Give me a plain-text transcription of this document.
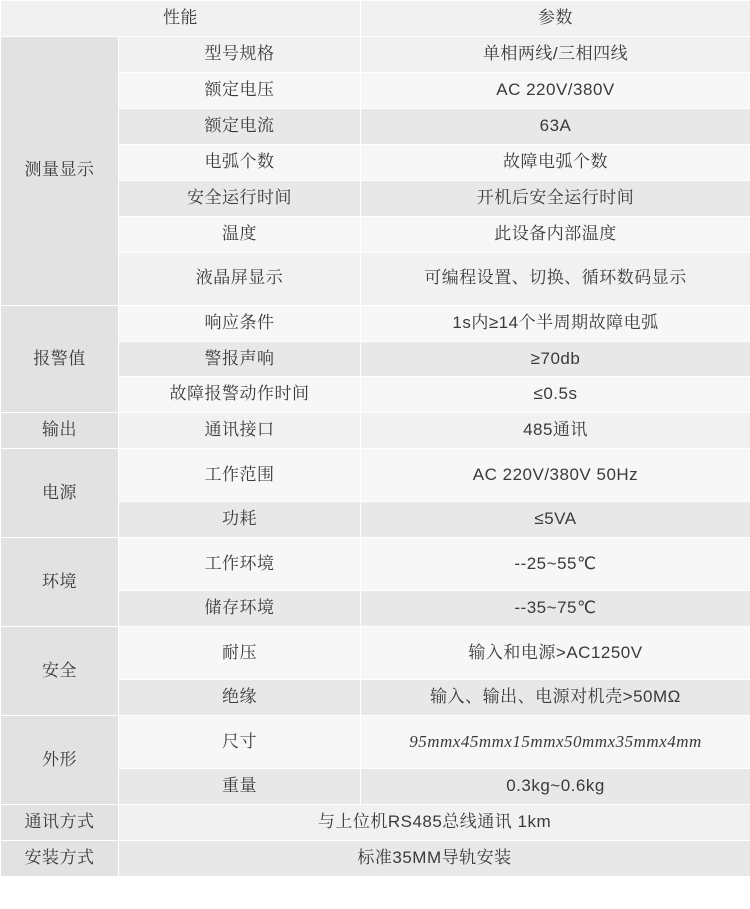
性能		参数
测量显示	型号规格	单相两线/三相四线
	额定电压	AC 220V/380V
	额定电流	63A
	电弧个数	故障电弧个数
	安全运行时间	开机后安全运行时间
	温度	此设备内部温度
	液晶屏显示	可编程设置、切换、循环数码显示
报警值	响应条件	1s内≥14个半周期故障电弧
	警报声响	≥70db
	故障报警动作时间	≤0.5s
输出	通讯接口	485通讯
电源	工作范围	AC 220V/380V 50Hz
	功耗	≤5VA
环境	工作环境	--25~55℃
	储存环境	--35~75℃
安全	耐压	输入和电源>AC1250V
	绝缘	输入、输出、电源对机壳>50MΩ
外形	尺寸	95mmx45mmx15mmx50mmx35mmx4mm
	重量	0.3kg~0.6kg
通讯方式	与上位机RS485总线通讯 1km	
安装方式	标准35MM导轨安装	
